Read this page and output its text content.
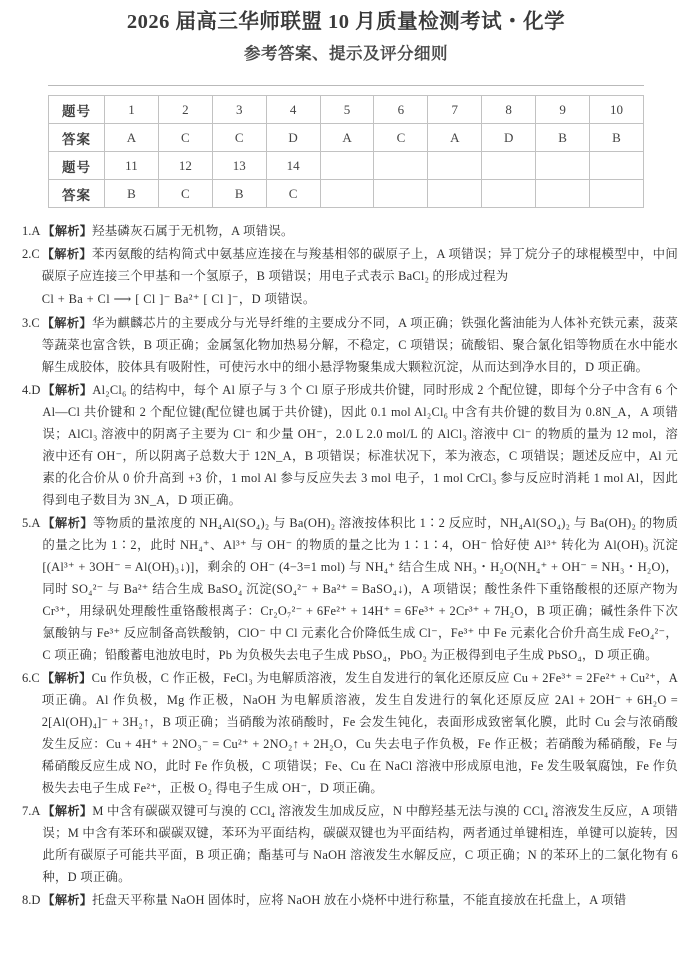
2026 届高三华师联盟 10 月质量检测考试・化学
参考答案、提示及评分细则
题号	1	2	3	4	5	6	7	8	9	10
答案	A	C	C	D	A	C	A	D	B	B
题号	11	12	13	14						
答案	B	C	B	C						
1.A 【解析】羟基磷灰石属于无机物，A 项错误。
2.C 【解析】苯丙氨酸的结构简式中氨基应连接在与羧基相邻的碳原子上，A 项错误；异丁烷分子的球棍模型中，中间碳原子应连接三个甲基和一个氢原子，B 项错误；用电子式表示 BaCl₂ 的形成过程为
Cl + Ba + Cl ⟶ [ Cl ]⁻ Ba²⁺ [ Cl ]⁻，D 项错误。
3.C 【解析】华为麒麟芯片的主要成分与光导纤维的主要成分不同，A 项正确；铁强化酱油能为人体补充铁元素，菠菜等蔬菜也富含铁，B 项正确；金属氢化物加热易分解，不稳定，C 项错误；硫酸铝、聚合氯化铝等物质在水中能水解生成胶体，胶体具有吸附性，可使污水中的细小悬浮物聚集成大颗粒沉淀，从而达到净水目的，D 项正确。
4.D 【解析】Al₂Cl₆ 的结构中，每个 Al 原子与 3 个 Cl 原子形成共价键，同时形成 2 个配位键，即每个分子中含有 6 个 Al—Cl 共价键和 2 个配位键(配位键也属于共价键)，因此 0.1 mol Al₂Cl₆ 中含有共价键的数目为 0.8N_A，A 项错误；AlCl₃ 溶液中的阴离子主要为 Cl⁻ 和少量 OH⁻，2.0 L 2.0 mol/L 的 AlCl₃ 溶液中 Cl⁻ 的物质的量为 12 mol，溶液中还有 OH⁻，所以阴离子总数大于 12N_A，B 项错误；标准状况下，苯为液态，C 项错误；题述反应中，Al 元素的化合价从 0 价升高到 +3 价，1 mol Al 参与反应失去 3 mol 电子，1 mol CrCl₃ 参与反应时消耗 1 mol Al，因此得到电子数目为 3N_A，D 项正确。
5.A 【解析】等物质的量浓度的 NH₄Al(SO₄)₂ 与 Ba(OH)₂ 溶液按体积比 1∶2 反应时，NH₄Al(SO₄)₂ 与 Ba(OH)₂ 的物质的量之比为 1∶2，此时 NH₄⁺、Al³⁺ 与 OH⁻ 的物质的量之比为 1∶1∶4，OH⁻ 恰好使 Al³⁺ 转化为 Al(OH)₃ 沉淀[(Al³⁺ + 3OH⁻ = Al(OH)₃↓)]，剩余的 OH⁻ (4−3=1 mol) 与 NH₄⁺ 结合生成 NH₃・H₂O(NH₄⁺ + OH⁻ = NH₃・H₂O)，同时 SO₄²⁻ 与 Ba²⁺ 结合生成 BaSO₄ 沉淀(SO₄²⁻ + Ba²⁺ = BaSO₄↓)，A 项错误；酸性条件下重铬酸根的还原产物为 Cr³⁺，用绿矾处理酸性重铬酸根离子：Cr₂O₇²⁻ + 6Fe²⁺ + 14H⁺ = 6Fe³⁺ + 2Cr³⁺ + 7H₂O，B 项正确；碱性条件下次氯酸钠与 Fe³⁺ 反应制备高铁酸钠，ClO⁻ 中 Cl 元素化合价降低生成 Cl⁻，Fe³⁺ 中 Fe 元素化合价升高生成 FeO₄²⁻，C 项正确；铅酸蓄电池放电时，Pb 为负极失去电子生成 PbSO₄，PbO₂ 为正极得到电子生成 PbSO₄，D 项正确。
6.C 【解析】Cu 作负极，C 作正极，FeCl₃ 为电解质溶液，发生自发进行的氧化还原反应 Cu + 2Fe³⁺ = 2Fe²⁺ + Cu²⁺，A 项正确。Al 作负极，Mg 作正极，NaOH 为电解质溶液，发生自发进行的氧化还原反应 2Al + 2OH⁻ + 6H₂O = 2[Al(OH)₄]⁻ + 3H₂↑，B 项正确；当硝酸为浓硝酸时，Fe 会发生钝化，表面形成致密氧化膜，此时 Cu 会与浓硝酸发生反应：Cu + 4H⁺ + 2NO₃⁻ = Cu²⁺ + 2NO₂↑ + 2H₂O，Cu 失去电子作负极，Fe 作正极；若硝酸为稀硝酸，Fe 与稀硝酸反应生成 NO，此时 Fe 作负极，C 项错误；Fe、Cu 在 NaCl 溶液中形成原电池，Fe 发生吸氧腐蚀，Fe 作负极失去电子生成 Fe²⁺，正极 O₂ 得电子生成 OH⁻，D 项正确。
7.A 【解析】M 中含有碳碳双键可与溴的 CCl₄ 溶液发生加成反应，N 中醇羟基无法与溴的 CCl₄ 溶液发生反应，A 项错误；M 中含有苯环和碳碳双键，苯环为平面结构，碳碳双键也为平面结构，两者通过单键相连，单键可以旋转，因此所有碳原子可能共平面，B 项正确；酯基可与 NaOH 溶液发生水解反应，C 项正确；N 的苯环上的二氯化物有 6 种，D 项正确。
8.D 【解析】托盘天平称量 NaOH 固体时，应将 NaOH 放在小烧杯中进行称量，不能直接放在托盘上，A 项错
